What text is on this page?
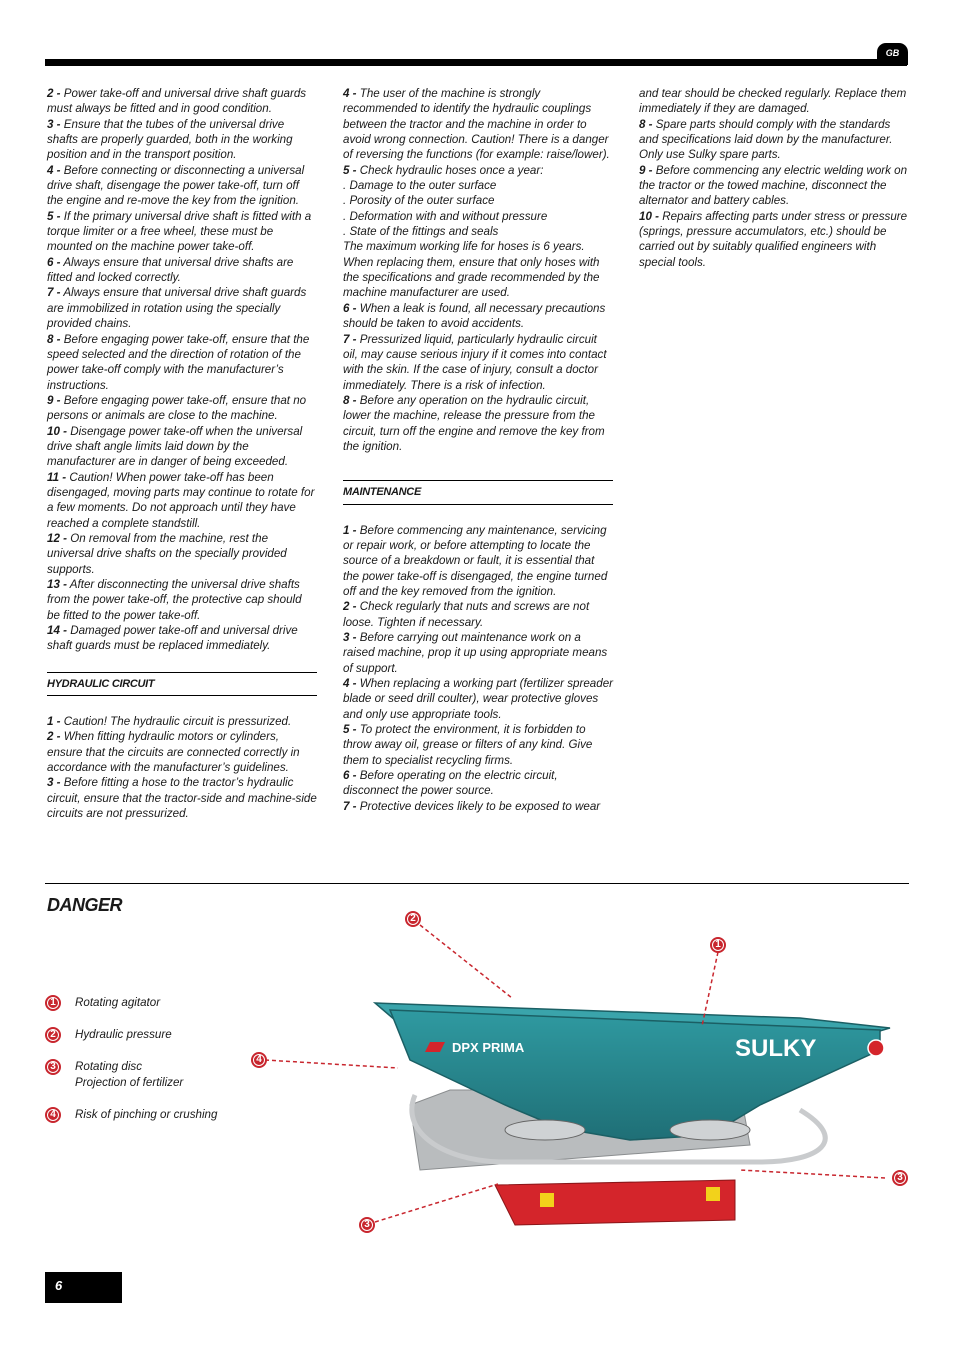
GB

2 - Power take-off and universal drive shaft guards must always be fitted and in good condition.

3 - Ensure that the tubes of the universal drive shafts are properly guarded, both in the working position and in the transport position.

4 - Before connecting or disconnecting a universal drive shaft, disengage the power take-off, turn off the engine and re-move the key from the ignition.

5 - If the primary universal drive shaft is fitted with a torque limiter or a free wheel, these must be mounted on the machine power take-off.

6 - Always ensure that universal drive shafts are fitted and locked correctly.

7 - Always ensure that universal drive shaft guards are immobilized in rotation using the specially provided chains.

8 - Before engaging power take-off, ensure that the speed selected and the direction of rotation of the power take-off comply with the manufacturer’s instructions.

9 - Before engaging power take-off, ensure that no persons or animals are close to the machine.

10 - Disengage power take-off when the universal drive shaft angle limits laid down by the manufacturer are in danger of being exceeded.

11 - Caution! When power take-off has been disengaged, moving parts may continue to rotate for a few moments. Do not approach until they have reached a complete standstill.

12 - On removal from the machine, rest the universal drive shafts on the specially provided supports.

13 - After disconnecting the universal drive shafts from the power take-off, the protective cap should be fitted to the power take-off.

14 - Damaged power take-off and universal drive shaft guards must be replaced immediately.

HYDRAULIC CIRCUIT

1 - Caution! The hydraulic circuit is pressurized.

2 - When fitting hydraulic motors or cylinders, ensure that the circuits are connected correctly in accordance with the manufacturer’s guidelines.

3 - Before fitting a hose to the tractor’s hydraulic circuit, ensure that the tractor-side and machine-side circuits are not pressurized.

4 - The user of the machine is strongly recommended to identify the hydraulic couplings between the tractor and the machine in order to avoid wrong connection. Caution! There is a danger of reversing the functions (for example: raise/lower).

5 - Check hydraulic hoses once a year:

. Damage to the outer surface

. Porosity of the outer surface

. Deformation with and without pressure

. State of the fittings and seals

The maximum working life for hoses is 6 years. When replacing them, ensure that only hoses with the specifications and grade recommended by the machine manufacturer are used.

6 - When a leak is found, all necessary precautions should be taken to avoid accidents.

7 - Pressurized liquid, particularly hydraulic circuit oil, may cause serious injury if it comes into contact with the skin. If the case of injury, consult a doctor immediately. There is a risk of infection.

8 - Before any operation on the hydraulic circuit, lower the machine, release the pressure from the circuit, turn off the engine and remove the key from the ignition.

MAINTENANCE

1 - Before commencing any maintenance, servicing or repair work, or before attempting to locate the source of a breakdown or fault, it is essential that the power take-off is disengaged, the engine turned off and the key removed from the ignition.

2 - Check regularly that nuts and screws are not loose. Tighten if necessary.

3 - Before carrying out maintenance work on a raised machine, prop it up using appropriate means of support.

4 - When replacing a working part (fertilizer spreader blade or seed drill coulter), wear protective gloves and only use appropriate tools.

5 - To protect the environment, it is forbidden to throw away oil, grease or filters of any kind. Give them to specialist recycling firms.

6 - Before operating on the electric circuit, disconnect the power source.

7 - Protective devices likely to be exposed to wear

and tear should be checked regularly. Replace them immediately if they are damaged.

8 - Spare parts should comply with the standards and specifications laid down by the manufacturer. Only use Sulky spare parts.

9 - Before commencing any electric welding work on the tractor or the towed machine, disconnect the alternator and battery cables.

10 - Repairs affecting parts under stress or pressure (springs, pressure accumulators, etc.) should be carried out by suitably qualified engineers with special tools.

DANGER
1	Rotating agitator
2	Hydraulic pressure
3	Rotating disc
Projection of fertilizer
4	Risk of pinching or crushing
DPX PRIMA	SULKY
2
1
4
3
3
6
